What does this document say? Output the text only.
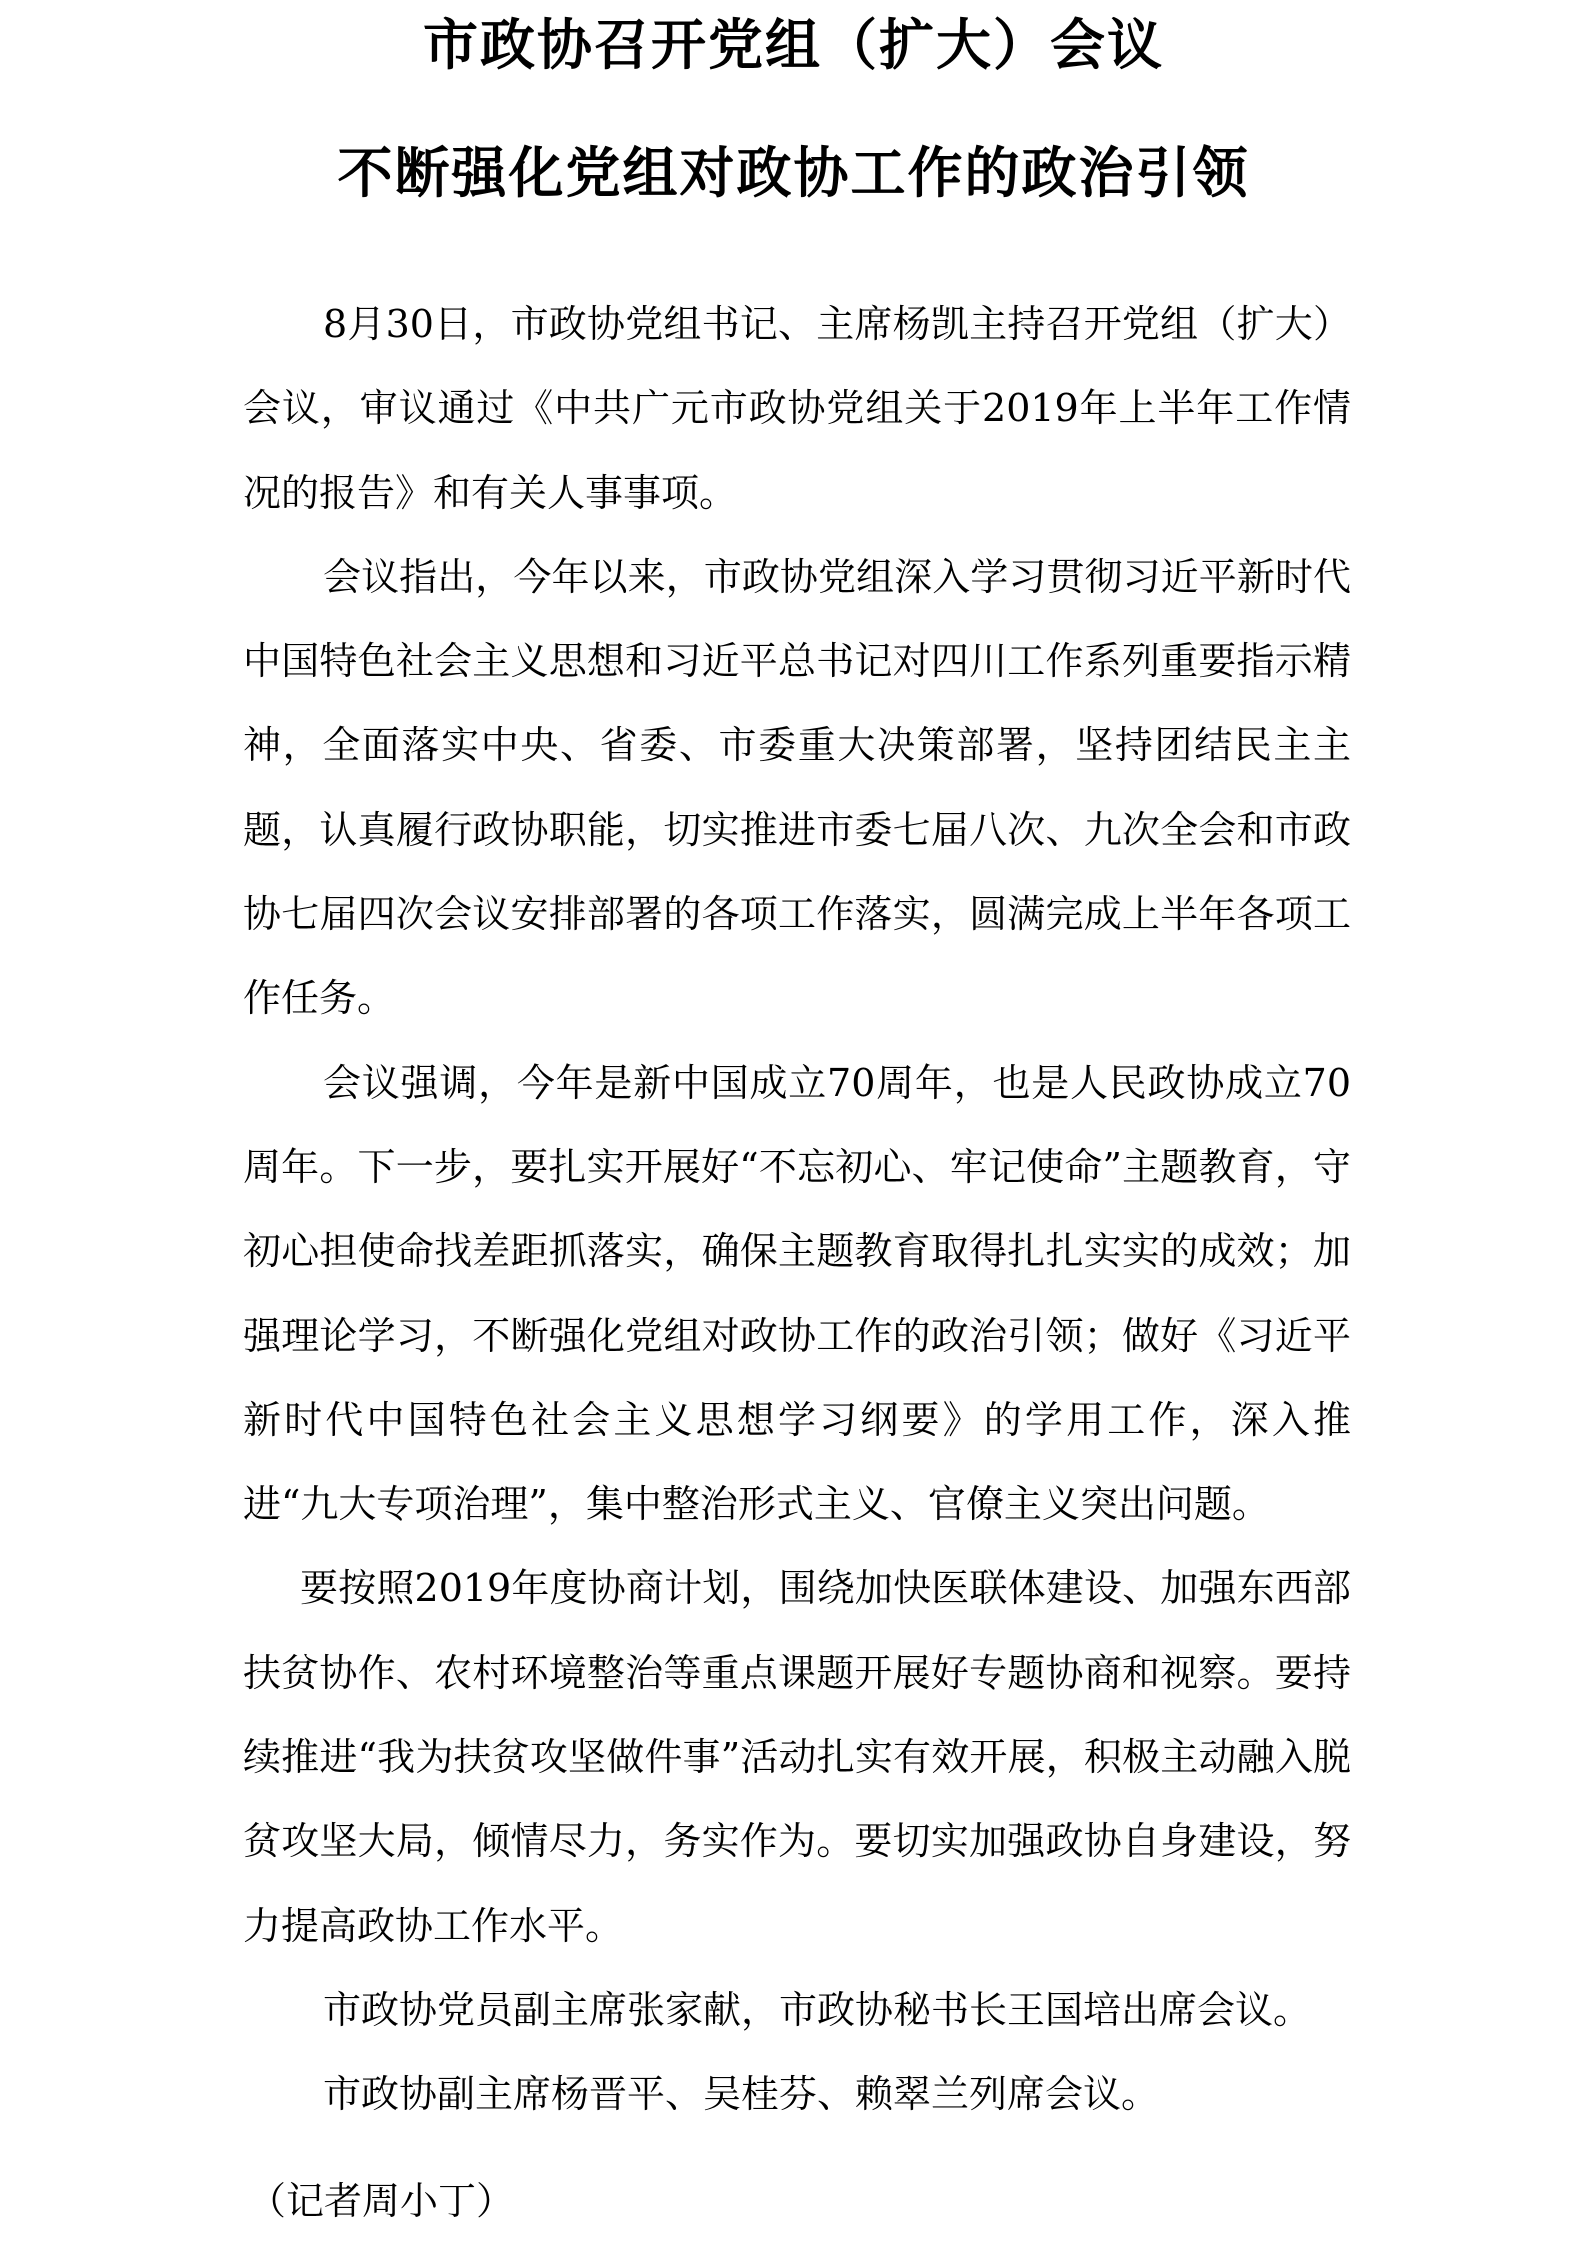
市政协召开党组（扩大）会议
不断强化党组对政协工作的政治引领

8月30日，市政协党组书记、主席杨凯主持召开党组（扩大）会议，审议通过《中共广元市政协党组关于2019年上半年工作情况的报告》和有关人事事项。

会议指出，今年以来，市政协党组深入学习贯彻习近平新时代中国特色社会主义思想和习近平总书记对四川工作系列重要指示精神，全面落实中央、省委、市委重大决策部署，坚持团结民主主题，认真履行政协职能，切实推进市委七届八次、九次全会和市政协七届四次会议安排部署的各项工作落实，圆满完成上半年各项工作任务。

会议强调，今年是新中国成立70周年，也是人民政协成立70周年。下一步，要扎实开展好“不忘初心、牢记使命”主题教育，守初心担使命找差距抓落实，确保主题教育取得扎扎实实的成效；加强理论学习，不断强化党组对政协工作的政治引领；做好《习近平新时代中国特色社会主义思想学习纲要》的学用工作，深入推进“九大专项治理”，集中整治形式主义、官僚主义突出问题。

要按照2019年度协商计划，围绕加快医联体建设、加强东西部扶贫协作、农村环境整治等重点课题开展好专题协商和视察。要持续推进“我为扶贫攻坚做件事”活动扎实有效开展，积极主动融入脱贫攻坚大局，倾情尽力，务实作为。要切实加强政协自身建设，努力提高政协工作水平。

市政协党员副主席张家献，市政协秘书长王国培出席会议。

市政协副主席杨晋平、吴桂芬、赖翠兰列席会议。

（记者周小丁）
